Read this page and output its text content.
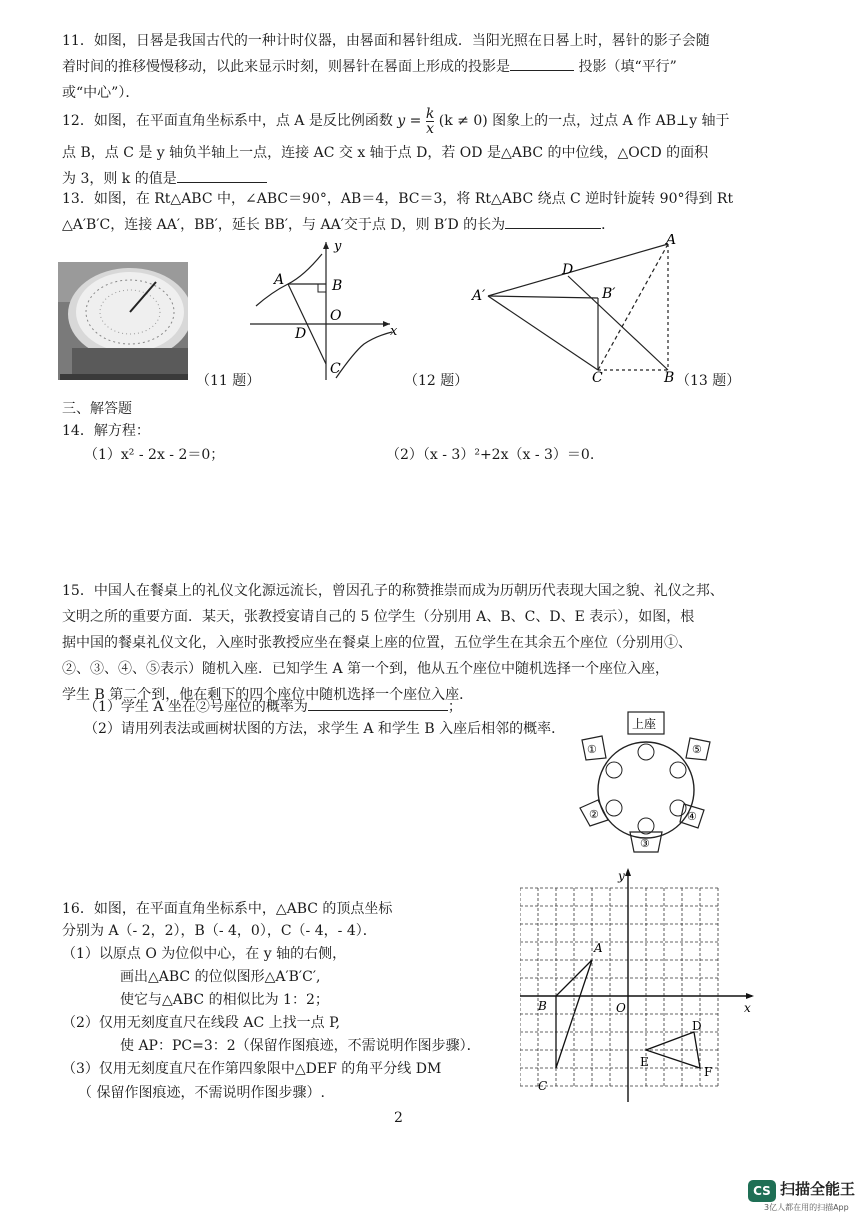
11．如图，日晷是我国古代的一种计时仪器，由晷面和晷针组成．当阳光照在日晷上时，晷针的影子会随
着时间的推移慢慢移动，以此来显示时刻，则晷针在晷面上形成的投影是	投影（填“平行”
或“中心”）．
12．如图，在平面直角坐标系中，点 A 是反比例函数 $y = \frac{k}{x} (k \ne 0)$ 图象上的一点，过点 A 作 AB⊥y 轴于
点 B，点 C 是 y 轴负半轴上一点，连接 AC 交 x 轴于点 D，若 OD 是△ABC 的中位线，△OCD 的面积
为 3，则 k 的值是
13．如图，在 Rt△ABC 中，∠ABC＝90°，AB＝4，BC＝3，将 Rt△ABC 绕点 C 逆时针旋转 90°得到 Rt
△A′B′C，连接 AA′，BB′，延长 BB′，与 AA′交于点 D，则 B′D 的长为	．
（11 题）
A	B
C
D
O
x
y
（12 题）
A
B
C
D
A′	B′
（13 题）
三、解答题
14．解方程：
（1）x² - 2x - 2＝0；	（2）（x - 3）²+2x（x - 3）＝0.
15．中国人在餐桌上的礼仪文化源远流长，曾因孔子的称赞推崇而成为历朝历代表现大国之貌、礼仪之邦、
文明之所的重要方面．某天，张教授宴请自己的 5 位学生（分别用 A、B、C、D、E 表示），如图，根
据中国的餐桌礼仪文化，入座时张教授应坐在餐桌上座的位置，五位学生在其余五个座位（分别用①、
②、③、④、⑤表示）随机入座．已知学生 A 第一个到，他从五个座位中随机选择一个座位入座，
学生 B 第二个到，他在剩下的四个座位中随机选择一个座位入座．
（1）学生 A 坐在②号座位的概率为	；
（2）请用列表法或画树状图的方法，求学生 A 和学生 B 入座后相邻的概率．	上座
①
②
③
④
⑤
16．如图，在平面直角坐标系中，△ABC 的顶点坐标
分别为 A（- 2，2），B（- 4，0），C（- 4，- 4）．
（1）以原点 O 为位似中心，在 y 轴的右侧，
画出△ABC 的位似图形△A′B′C′,
使它与△ABC 的相似比为 1：2；
（2）仅用无刻度直尺在线段 AC 上找一点 P,
使 AP：PC=3：2（保留作图痕迹，不需说明作图步骤）．
（3）仅用无刻度直尺在作第四象限中△DEF 的角平分线 DM
（ 保留作图痕迹，不需说明作图步骤）.
A
B
C
D
E
F
O	x
y
2
CS 扫描全能王
3亿人都在用的扫描App
